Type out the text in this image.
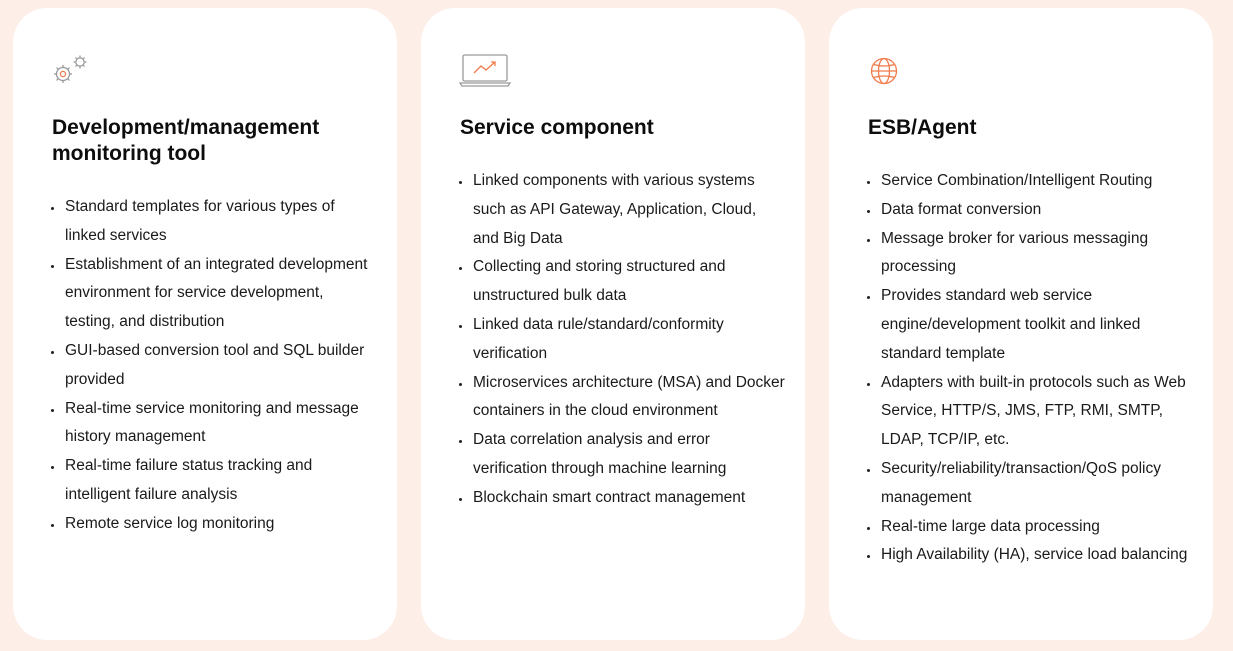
Development/management monitoring tool
Standard templates for various types of linked services
Establishment of an integrated development environment for service development, testing, and distribution
GUI-based conversion tool and SQL builder provided
Real-time service monitoring and message history management
Real-time failure status tracking and intelligent failure analysis
Remote service log monitoring
Service component
Linked components with various systems such as API Gateway, Application, Cloud, and Big Data
Collecting and storing structured and unstructured bulk data
Linked data rule/standard/conformity verification
Microservices architecture (MSA) and Docker containers in the cloud environment
Data correlation analysis and error verification through machine learning
Blockchain smart contract management
ESB/Agent
Service Combination/Intelligent Routing
Data format conversion
Message broker for various messaging processing
Provides standard web service engine/development toolkit and linked standard template
Adapters with built-in protocols such as Web Service, HTTP/S, JMS, FTP, RMI, SMTP, LDAP, TCP/IP, etc.
Security/reliability/transaction/QoS policy management
Real-time large data processing
High Availability (HA), service load balancing
